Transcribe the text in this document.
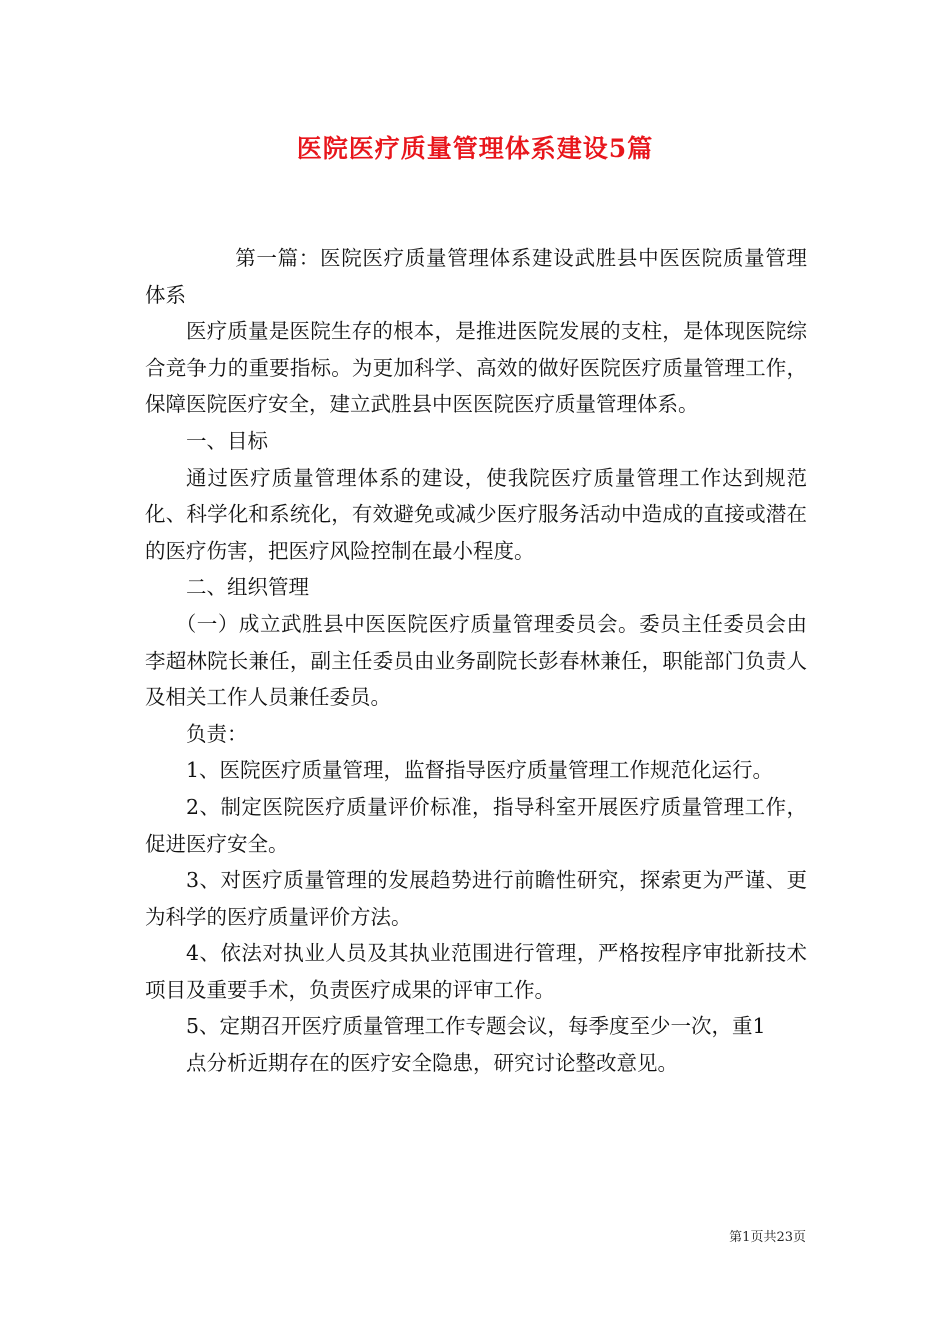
医院医疗质量管理体系建设5篇

第一篇：医院医疗质量管理体系建设武胜县中医医院质量管理体系

医疗质量是医院生存的根本，是推进医院发展的支柱，是体现医院综合竞争力的重要指标。为更加科学、高效的做好医院医疗质量管理工作，保障医院医疗安全，建立武胜县中医医院医疗质量管理体系。

一、目标

通过医疗质量管理体系的建设，使我院医疗质量管理工作达到规范化、科学化和系统化，有效避免或减少医疗服务活动中造成的直接或潜在的医疗伤害，把医疗风险控制在最小程度。

二、组织管理

（一）成立武胜县中医医院医疗质量管理委员会。委员主任委员会由李超林院长兼任，副主任委员由业务副院长彭春林兼任，职能部门负责人及相关工作人员兼任委员。

负责：

1、医院医疗质量管理，监督指导医疗质量管理工作规范化运行。

2、制定医院医疗质量评价标准，指导科室开展医疗质量管理工作，促进医疗安全。

3、对医疗质量管理的发展趋势进行前瞻性研究，探索更为严谨、更为科学的医疗质量评价方法。

4、依法对执业人员及其执业范围进行管理，严格按程序审批新技术项目及重要手术，负责医疗成果的评审工作。

5、定期召开医疗质量管理工作专题会议，每季度至少一次，重1

点分析近期存在的医疗安全隐患，研究讨论整改意见。

第1页共23页
